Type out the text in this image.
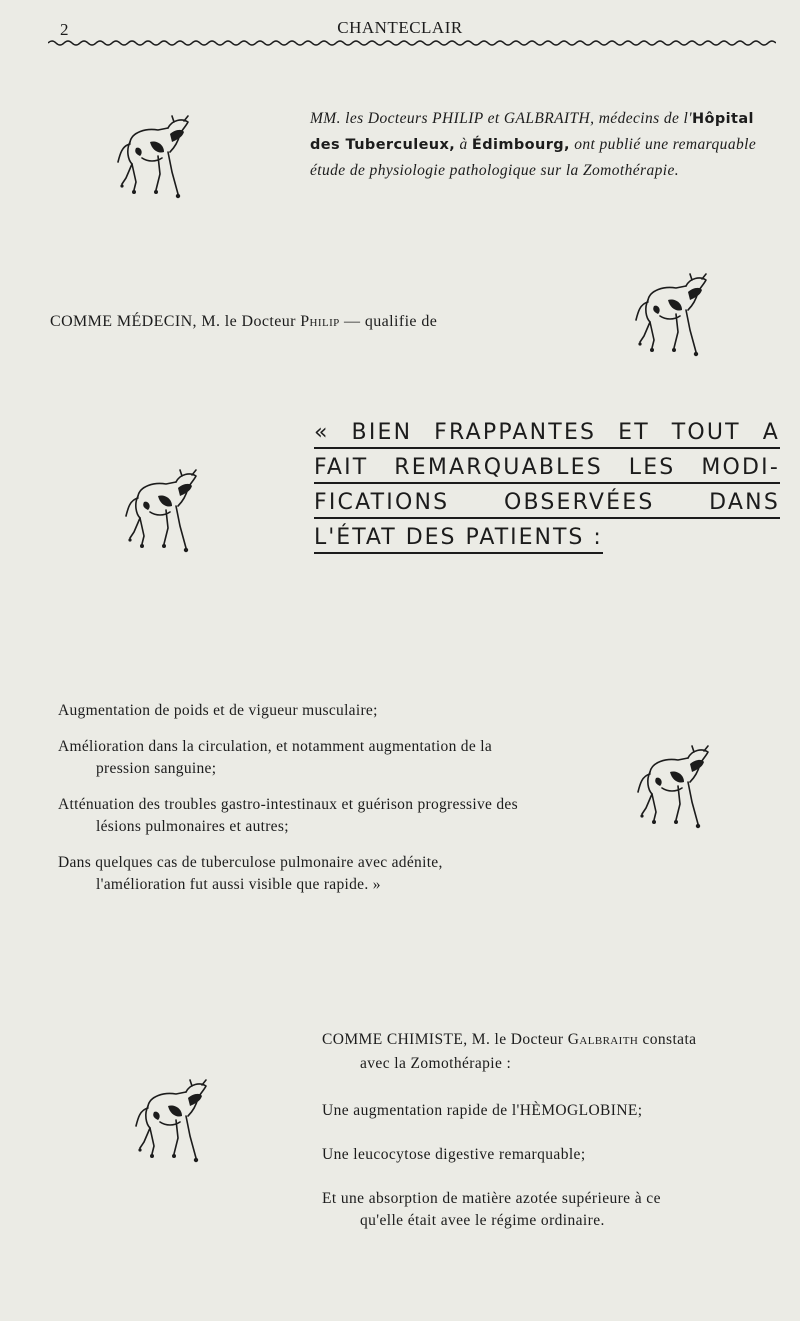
2	CHANTECLAIR
MM. les Docteurs PHILIP et GALBRAITH, médecins de l'Hôpital des Tuberculeux, à Édimbourg, ont publié une remarquable étude de physiologie pathologique sur la Zomothérapie.
COMME MÉDECIN, M. le Docteur Philip — qualifie de
« BIEN FRAPPANTES ET TOUT A
FAIT REMARQUABLES LES MODI-
FICATIONS OBSERVÉES DANS
L'ÉTAT DES PATIENTS :

Augmentation de poids et de vigueur musculaire;

Amélioration dans la circulation, et notamment augmentation de la pression sanguine;

Atténuation des troubles gastro-intestinaux et guérison progressive des lésions pulmonaires et autres;

Dans quelques cas de tuberculose pulmonaire avec adénite, l'amélioration fut aussi visible que rapide. »

COMME CHIMISTE, M. le Docteur Galbraith constata

avec la Zomothérapie :

Une augmentation rapide de l'HÈMOGLOBINE;

Une leucocytose digestive remarquable;

Et une absorption de matière azotée supérieure à ce

qu'elle était avee le régime ordinaire.
